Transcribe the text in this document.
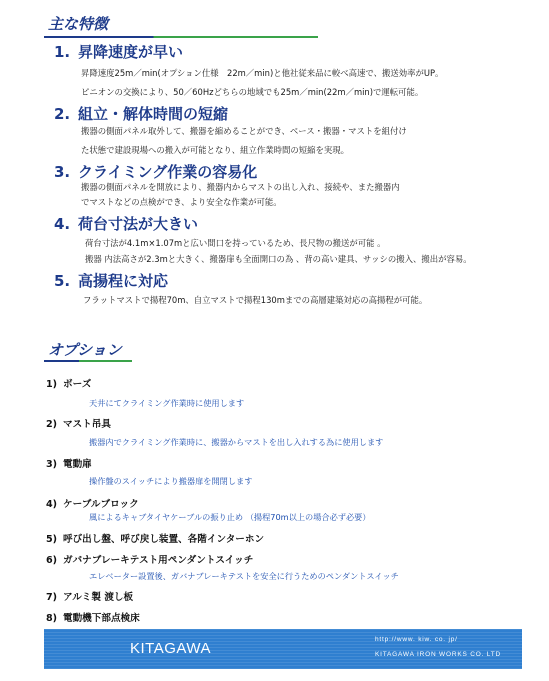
主な特徴
1. 昇降速度が早い

昇降速度25m／min(オプション仕様　22m／min)と他社従来品に較べ高速で、搬送効率がUP。

ピニオンの交換により、50／60Hzどちらの地域でも25m／min(22m／min)で運転可能。

2. 組立・解体時間の短縮

搬器の側面パネル取外して、搬器を縮めることができ、ベース・搬器・マストを組付け

た状態で建設現場への搬入が可能となり、組立作業時間の短縮を実現。

3. クライミング作業の容易化

搬器の側面パネルを開放により、搬器内からマストの出し入れ、接続や、また搬器内

でマストなどの点検ができ、より安全な作業が可能。

4. 荷台寸法が大きい

荷台寸法が4.1m×1.07mと広い間口を持っているため、長尺物の搬送が可能 。

搬器 内法高さが2.3mと大きく、搬器扉も全面開口の為 、背の高い建具、サッシの搬入、搬出が容易。

5. 高揚程に対応

フラットマストで揚程70m、自立マストで揚程130mまでの高層建築対応の高揚程が可能。

オプション
1) ボーズ

天井にてクライミング作業時に使用します

2) マスト吊具

搬器内でクライミング作業時に、搬器からマストを出し入れする為に使用します

3) 電動扉

操作盤のスイッチにより搬器扉を開閉します

4) ケーブルブロック

風によるキャブタイヤケーブルの振り止め （揚程70m以上の場合必ず必要）

5) 呼び出し盤、呼び戻し装置、各階インターホン
6) ガバナブレーキテスト用ペンダントスイッチ

エレベーター設置後、ガバナブレーキテストを安全に行うためのペンダントスイッチ

7) アルミ製 渡し板
8) 電動機下部点検床
KITAGAWA
http://www. kiw. co. jp/
KITAGAWA IRON WORKS CO. LTD
